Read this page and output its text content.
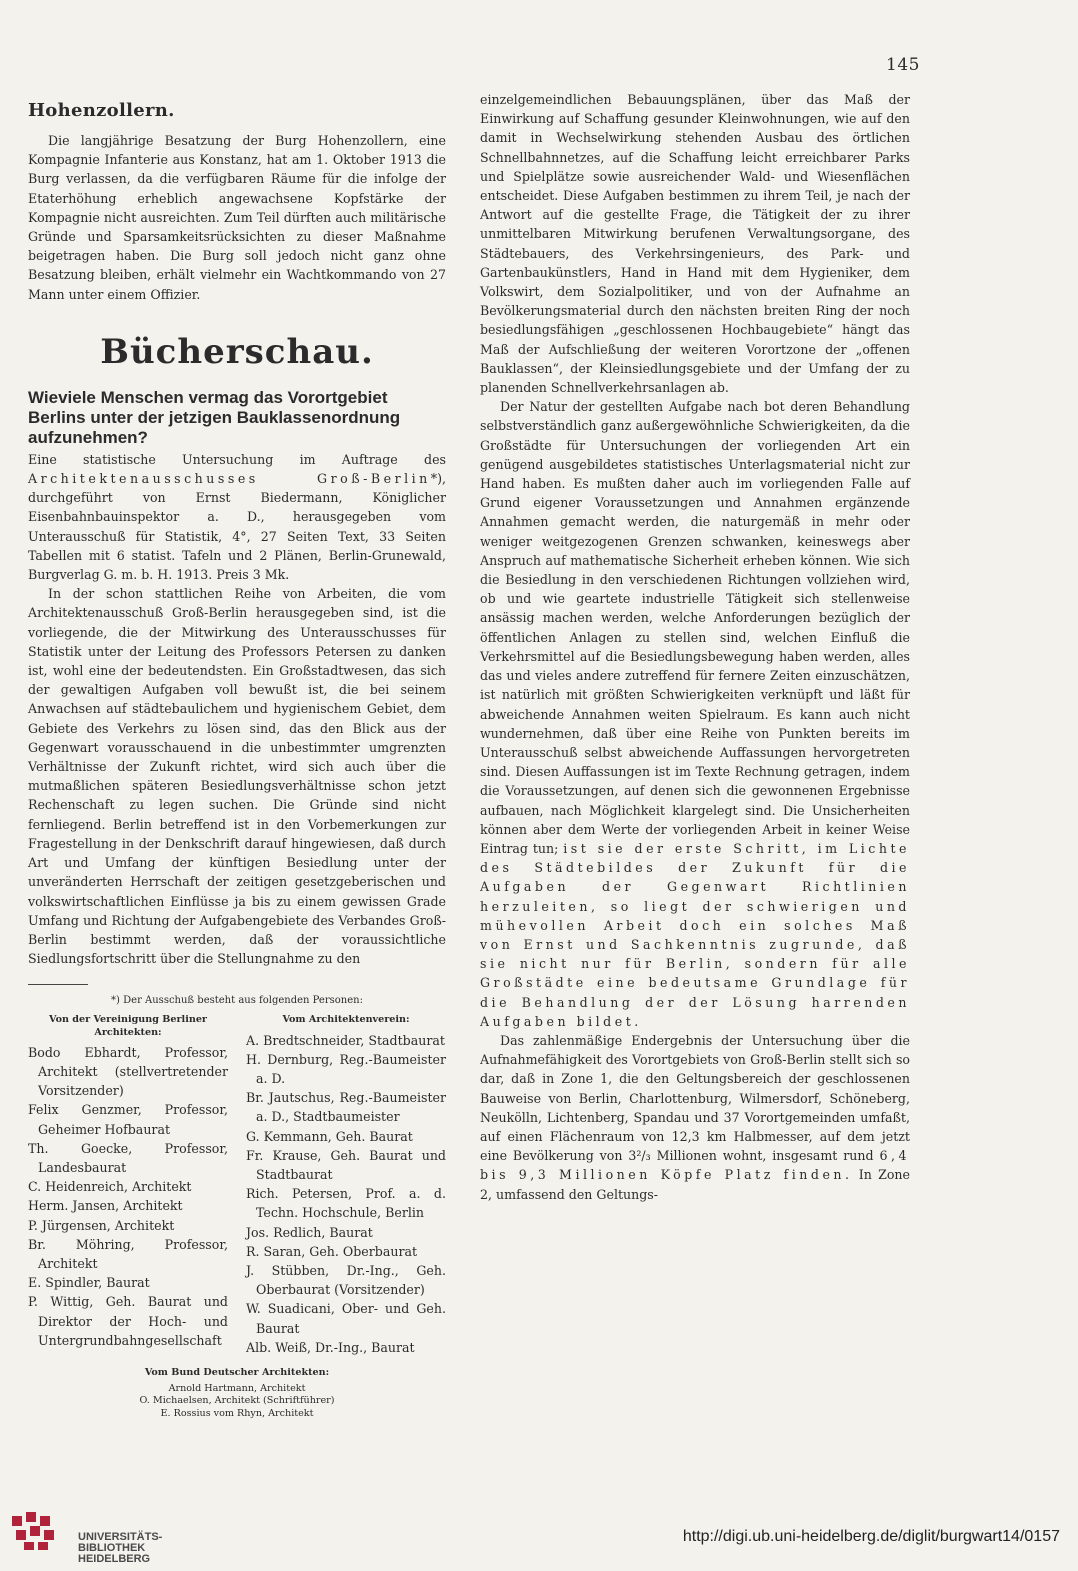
145
Hohenzollern.

Die langjährige Besatzung der Burg Hohenzollern, eine Kompagnie Infanterie aus Konstanz, hat am 1. Oktober 1913 die Burg verlassen, da die verfügbaren Räume für die infolge der Etaterhöhung erheblich angewachsene Kopfstärke der Kompagnie nicht ausreichten. Zum Teil dürften auch militärische Gründe und Sparsamkeitsrücksichten zu dieser Maßnahme beigetragen haben. Die Burg soll jedoch nicht ganz ohne Besatzung bleiben, erhält vielmehr ein Wachtkommando von 27 Mann unter einem Offizier.

Bücherschau.
Wieviele Menschen vermag das Vorortgebiet Berlins unter der jetzigen Bauklassenordnung aufzunehmen?

Eine statistische Untersuchung im Auftrage des Architektenausschusses Groß-Berlin*), durchgeführt von Ernst Biedermann, Königlicher Eisenbahnbauinspektor a. D., herausgegeben vom Unterausschuß für Statistik, 4°, 27 Seiten Text, 33 Seiten Tabellen mit 6 statist. Tafeln und 2 Plänen, Berlin-Grunewald, Burgverlag G. m. b. H. 1913. Preis 3 Mk.

In der schon stattlichen Reihe von Arbeiten, die vom Architektenausschuß Groß-Berlin herausgegeben sind, ist die vorliegende, die der Mitwirkung des Unterausschusses für Statistik unter der Leitung des Professors Petersen zu danken ist, wohl eine der bedeutendsten. Ein Großstadtwesen, das sich der gewaltigen Aufgaben voll bewußt ist, die bei seinem Anwachsen auf städtebaulichem und hygienischem Gebiet, dem Gebiete des Verkehrs zu lösen sind, das den Blick aus der Gegenwart vorausschauend in die unbestimmter umgrenzten Verhältnisse der Zukunft richtet, wird sich auch über die mutmaßlichen späteren Besiedlungsverhältnisse schon jetzt Rechenschaft zu legen suchen. Die Gründe sind nicht fernliegend. Berlin betreffend ist in den Vorbemerkungen zur Fragestellung in der Denkschrift darauf hingewiesen, daß durch Art und Umfang der künftigen Besiedlung unter der unveränderten Herrschaft der zeitigen gesetzgeberischen und volkswirtschaftlichen Einflüsse ja bis zu einem gewissen Grade Umfang und Richtung der Aufgabengebiete des Verbandes Groß-Berlin bestimmt werden, daß der voraussichtliche Siedlungsfortschritt über die Stellungnahme zu den

*) Der Ausschuß besteht aus folgenden Personen:
Von der Vereinigung Berliner Architekten:

Bodo Ebhardt, Professor, Architekt (stellvertretender Vorsitzender)

Felix Genzmer, Professor, Geheimer Hofbaurat

Th. Goecke, Professor, Landesbaurat

C. Heidenreich, Architekt

Herm. Jansen, Architekt

P. Jürgensen, Architekt

Br. Möhring, Professor, Architekt

E. Spindler, Baurat

P. Wittig, Geh. Baurat und Direktor der Hoch- und Untergrundbahngesellschaft

Vom Architektenverein:

A. Bredtschneider, Stadtbaurat

H. Dernburg, Reg.-Baumeister a. D.

Br. Jautschus, Reg.-Baumeister a. D., Stadtbaumeister

G. Kemmann, Geh. Baurat

Fr. Krause, Geh. Baurat und Stadtbaurat

Rich. Petersen, Prof. a. d. Techn. Hochschule, Berlin

Jos. Redlich, Baurat

R. Saran, Geh. Oberbaurat

J. Stübben, Dr.-Ing., Geh. Oberbaurat (Vorsitzender)

W. Suadicani, Ober- und Geh. Baurat

Alb. Weiß, Dr.-Ing., Baurat

Vom Bund Deutscher Architekten:
Arnold Hartmann, Architekt
O. Michaelsen, Architekt (Schriftführer)
E. Rossius vom Rhyn, Architekt

einzelgemeindlichen Bebauungsplänen, über das Maß der Einwirkung auf Schaffung gesunder Kleinwohnungen, wie auf den damit in Wechselwirkung stehenden Ausbau des örtlichen Schnellbahnnetzes, auf die Schaffung leicht erreichbarer Parks und Spielplätze sowie ausreichender Wald- und Wiesenflächen entscheidet. Diese Aufgaben bestimmen zu ihrem Teil, je nach der Antwort auf die gestellte Frage, die Tätigkeit der zu ihrer unmittelbaren Mitwirkung berufenen Verwaltungsorgane, des Städtebauers, des Verkehrsingenieurs, des Park- und Gartenbaukünstlers, Hand in Hand mit dem Hygieniker, dem Volkswirt, dem Sozialpolitiker, und von der Aufnahme an Bevölkerungsmaterial durch den nächsten breiten Ring der noch besiedlungsfähigen „geschlossenen Hochbaugebiete“ hängt das Maß der Aufschließung der weiteren Vorortzone der „offenen Bauklassen“, der Kleinsiedlungsgebiete und der Umfang der zu planenden Schnellverkehrsanlagen ab.

Der Natur der gestellten Aufgabe nach bot deren Behandlung selbstverständlich ganz außergewöhnliche Schwierigkeiten, da die Großstädte für Untersuchungen der vorliegenden Art ein genügend ausgebildetes statistisches Unterlagsmaterial nicht zur Hand haben. Es mußten daher auch im vorliegenden Falle auf Grund eigener Voraussetzungen und Annahmen ergänzende Annahmen gemacht werden, die naturgemäß in mehr oder weniger weitgezogenen Grenzen schwanken, keineswegs aber Anspruch auf mathematische Sicherheit erheben können. Wie sich die Besiedlung in den verschiedenen Richtungen vollziehen wird, ob und wie geartete industrielle Tätigkeit sich stellenweise ansässig machen werden, welche Anforderungen bezüglich der öffentlichen Anlagen zu stellen sind, welchen Einfluß die Verkehrsmittel auf die Besiedlungsbewegung haben werden, alles das und vieles andere zutreffend für fernere Zeiten einzuschätzen, ist natürlich mit größten Schwierigkeiten verknüpft und läßt für abweichende Annahmen weiten Spielraum. Es kann auch nicht wundernehmen, daß über eine Reihe von Punkten bereits im Unterausschuß selbst abweichende Auffassungen hervorgetreten sind. Diesen Auffassungen ist im Texte Rechnung getragen, indem die Voraussetzungen, auf denen sich die gewonnenen Ergebnisse aufbauen, nach Möglichkeit klargelegt sind. Die Unsicherheiten können aber dem Werte der vorliegenden Arbeit in keiner Weise Eintrag tun; ist sie der erste Schritt, im Lichte des Städtebildes der Zukunft für die Aufgaben der Gegenwart Richtlinien herzuleiten, so liegt der schwierigen und mühevollen Arbeit doch ein solches Maß von Ernst und Sachkenntnis zugrunde, daß sie nicht nur für Berlin, sondern für alle Großstädte eine bedeutsame Grundlage für die Behandlung der der Lösung harrenden Aufgaben bildet.

Das zahlenmäßige Endergebnis der Untersuchung über die Aufnahmefähigkeit des Vorortgebiets von Groß-Berlin stellt sich so dar, daß in Zone 1, die den Geltungsbereich der geschlossenen Bauweise von Berlin, Charlottenburg, Wilmersdorf, Schöneberg, Neukölln, Lichtenberg, Spandau und 37 Vorortgemeinden umfaßt, auf einen Flächenraum von 12,3 km Halbmesser, auf dem jetzt eine Bevölkerung von 3²/₃ Millionen wohnt, insgesamt rund 6,4 bis 9,3 Millionen Köpfe Platz finden. In Zone 2, umfassend den Geltungs-

UNIVERSITÄTS-
BIBLIOTHEK
HEIDELBERG
http://digi.ub.uni-heidelberg.de/diglit/burgwart14/0157
